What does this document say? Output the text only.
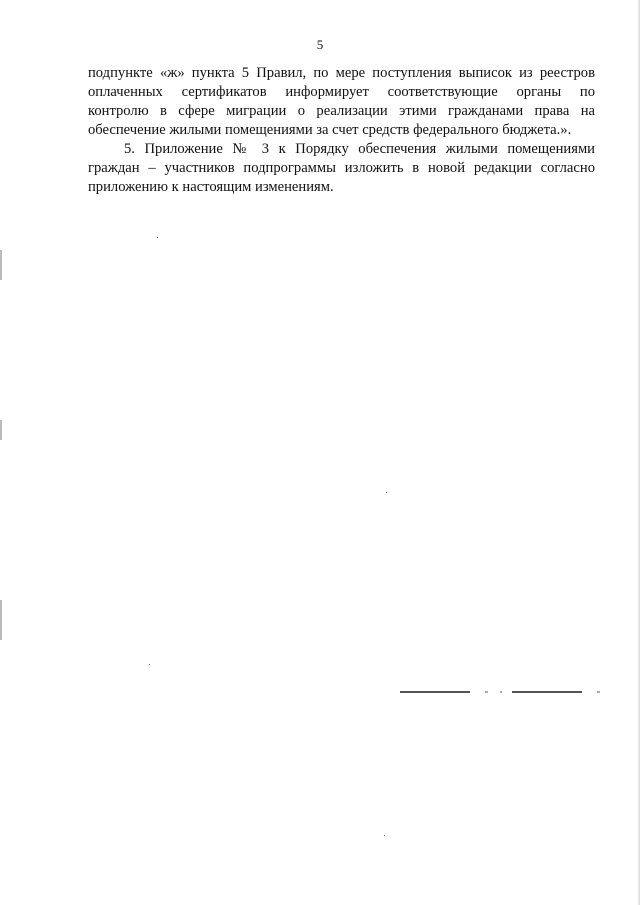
5
подпункте «ж» пункта 5 Правил, по мере поступления выписок из реестров
оплаченных сертификатов информирует соответствующие органы по
контролю в сфере миграции о реализации этими гражданами права на
обеспечение жилыми помещениями за счет средств федерального бюджета.».
5. Приложение № 3 к Порядку обеспечения жилыми помещениями
граждан – участников подпрограммы изложить в новой редакции согласно
приложению к настоящим изменениям.
